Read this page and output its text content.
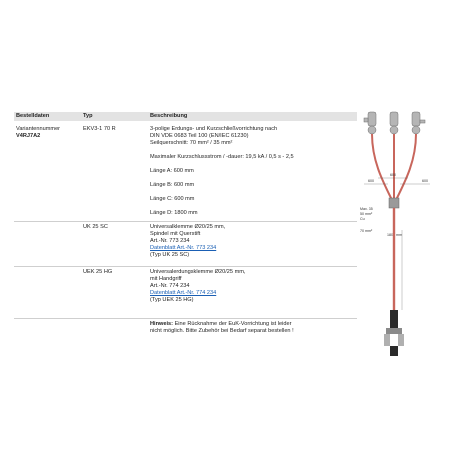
Bestelldaten	Typ	Beschreibung
Variantennummer
V4RJ7A2
EKV3-1 70 R	3-polige Erdungs- und Kurzschließvorrichtung nach
DIN VDE 0683 Teil 100 (EN/IEC 61230)
Seilquerschnitt: 70 mm² / 35 mm²
Maximaler Kurzschlussstrom / -dauer: 19,5 kA / 0,5 s - 2,5
Länge A: 600 mm
Länge B: 600 mm
Länge C: 600 mm
Länge D: 1800 mm
UK 25 SC	Universalklemme Ø20/25 mm,
Spindel mit Querstift
Art.-Nr. 773 234
Datenblatt Art.-Nr. 773 234
(Typ UK 25 SC)
UEK 25 HG	Universalerdungsklemme Ø20/25 mm,
mit Handgriff
Art.-Nr. 774 234
Datenblatt Art.-Nr. 774 234
(Typ UEK 25 HG)
Hinweis: Eine Rücknahme der EuK-Vorrichtung ist leider
nicht möglich. Bitte Zubehör bei Bedarf separat bestellen !
600
600
600
1800 mm
Max. 35
50 mm²
Cu
70 mm²
